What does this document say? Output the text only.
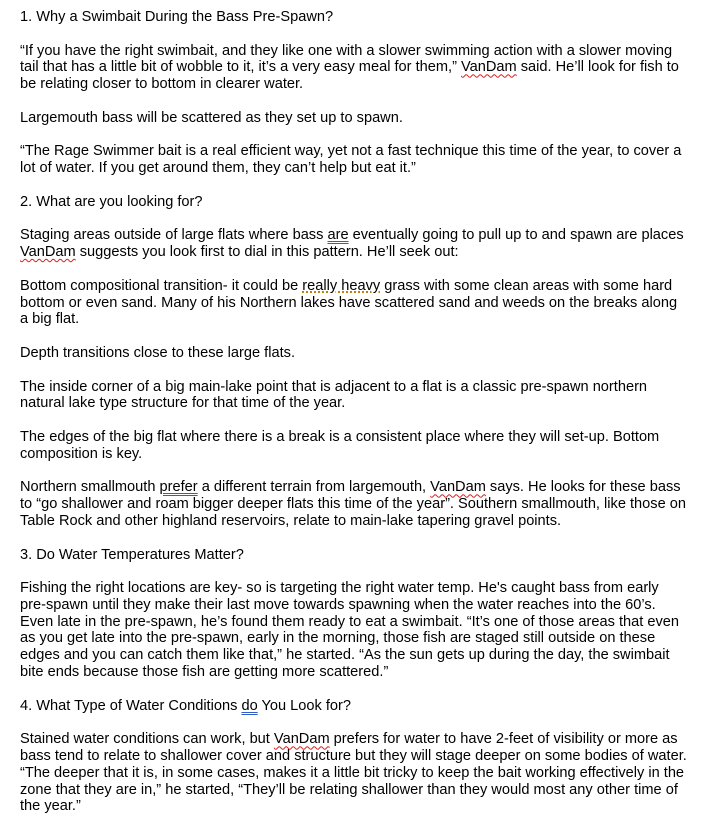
1. Why a Swimbait During the Bass Pre-Spawn?

“If you have the right swimbait, and they like one with a slower swimming action with a slower moving tail that has a little bit of wobble to it, it’s a very easy meal for them,” VanDam said. He’ll look for fish to be relating closer to bottom in clearer water.

Largemouth bass will be scattered as they set up to spawn.

“The Rage Swimmer bait is a real efficient way, yet not a fast technique this time of the year, to cover a lot of water. If you get around them, they can’t help but eat it.”

2. What are you looking for?

Staging areas outside of large flats where bass are eventually going to pull up to and spawn are places VanDam suggests you look first to dial in this pattern. He’ll seek out:

Bottom compositional transition- it could be really heavy grass with some clean areas with some hard bottom or even sand. Many of his Northern lakes have scattered sand and weeds on the breaks along a big flat.

Depth transitions close to these large flats.

The inside corner of a big main-lake point that is adjacent to a flat is a classic pre-spawn northern natural lake type structure for that time of the year.

The edges of the big flat where there is a break is a consistent place where they will set-up. Bottom composition is key.

Northern smallmouth prefer a different terrain from largemouth, VanDam says. He looks for these bass to “go shallower and roam bigger deeper flats this time of the year”. Southern smallmouth, like those on Table Rock and other highland reservoirs, relate to main-lake tapering gravel points.

3. Do Water Temperatures Matter?

Fishing the right locations are key- so is targeting the right water temp. He's caught bass from early pre-spawn until they make their last move towards spawning when the water reaches into the 60’s. Even late in the pre-spawn, he’s found them ready to eat a swimbait. “It’s one of those areas that even as you get late into the pre-spawn, early in the morning, those fish are staged still outside on these edges and you can catch them like that,” he started. “As the sun gets up during the day, the swimbait bite ends because those fish are getting more scattered.”

4. What Type of Water Conditions do You Look for?

Stained water conditions can work, but VanDam prefers for water to have 2-feet of visibility or more as bass tend to relate to shallower cover and structure but they will stage deeper on some bodies of water. “The deeper that it is, in some cases, makes it a little bit tricky to keep the bait working effectively in the zone that they are in,” he started, “They’ll be relating shallower than they would most any other time of the year.”
